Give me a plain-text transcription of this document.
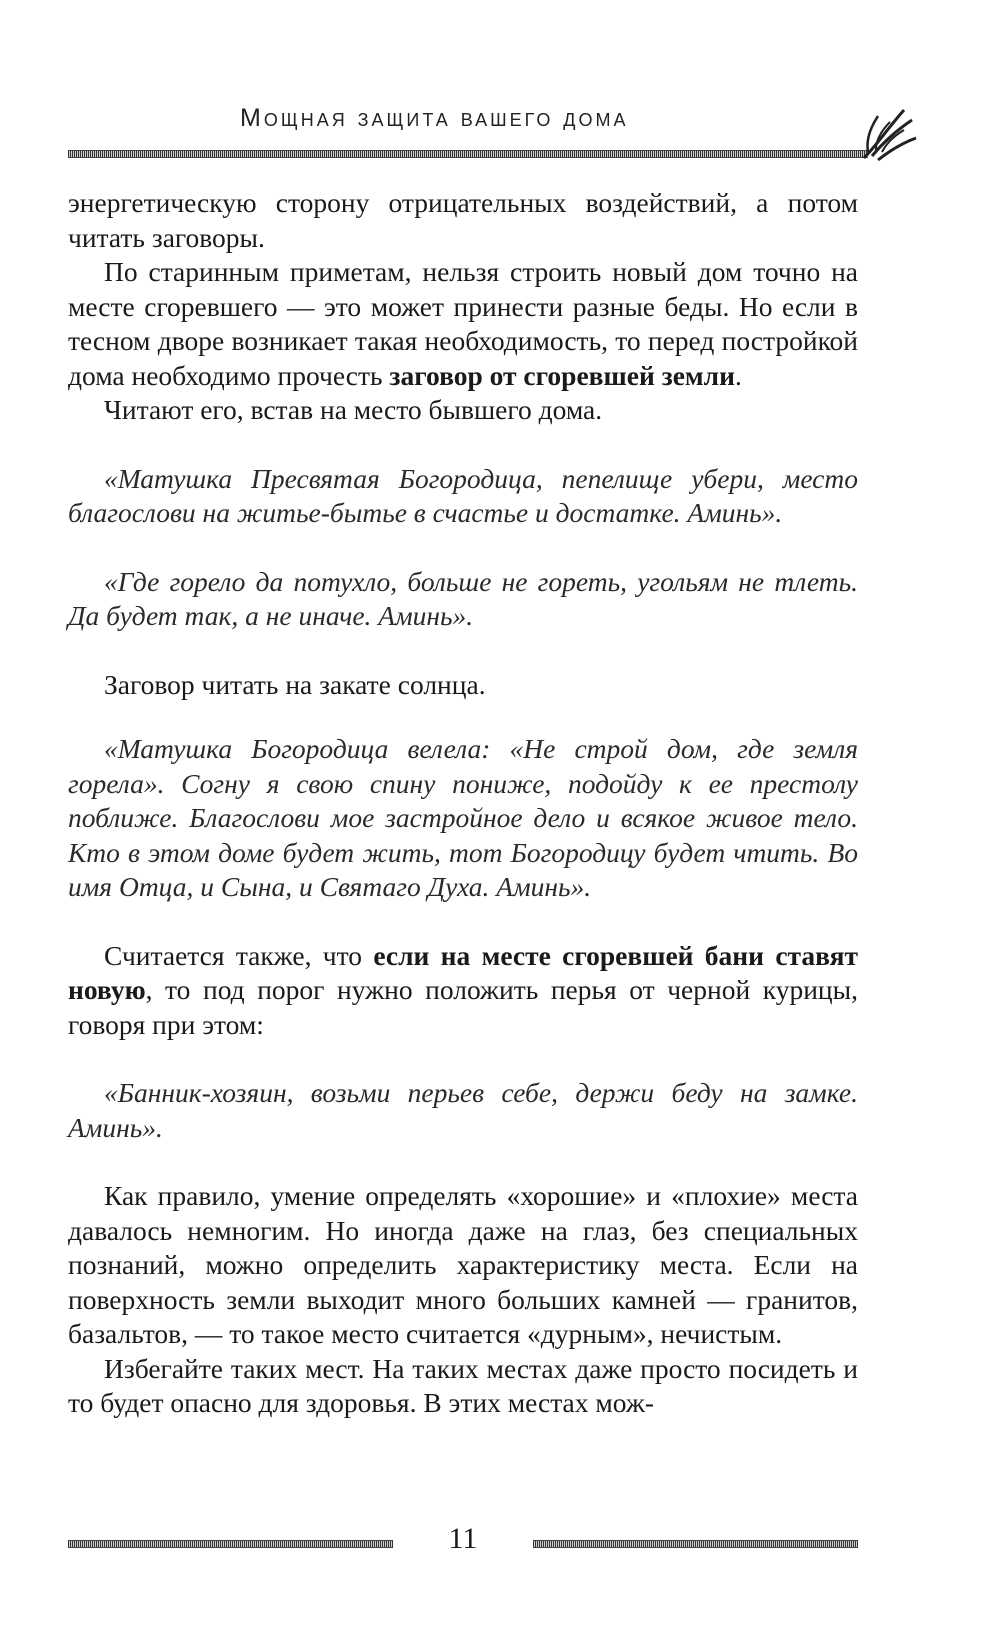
Мощная защита вашего дома

энергетическую сторону отрицательных воздействий, а потом читать заговоры.

По старинным приметам, нельзя строить новый дом точно на месте сгоревшего — это может принести разные беды. Но если в тесном дворе возникает такая необходимость, то перед постройкой дома необходимо прочесть заговор от сгоревшей земли.

Читают его, встав на место бывшего дома.

«Матушка Пресвятая Богородица, пепелище убери, место благослови на житье-бытье в счастье и достатке. Аминь».

«Где горело да потухло, больше не гореть, угольям не тлеть. Да будет так, а не иначе. Аминь».

Заговор читать на закате солнца.

«Матушка Богородица велела: «Не строй дом, где земля горела». Согну я свою спину пониже, подойду к ее престолу поближе. Благослови мое застройное дело и всякое живое тело. Кто в этом доме будет жить, тот Богородицу будет чтить. Во имя Отца, и Сына, и Святаго Духа. Аминь».

Считается также, что если на месте сгоревшей бани ставят новую, то под порог нужно положить перья от черной курицы, говоря при этом:

«Банник-хозяин, возьми перьев себе, держи беду на замке. Аминь».

Как правило, умение определять «хорошие» и «плохие» места давалось немногим. Но иногда даже на глаз, без специальных познаний, можно определить характеристику места. Если на поверхность земли выходит много больших камней — гранитов, базальтов, — то такое место считается «дурным», нечистым.

Избегайте таких мест. На таких местах даже просто посидеть и то будет опасно для здоровья. В этих местах мож-

11
